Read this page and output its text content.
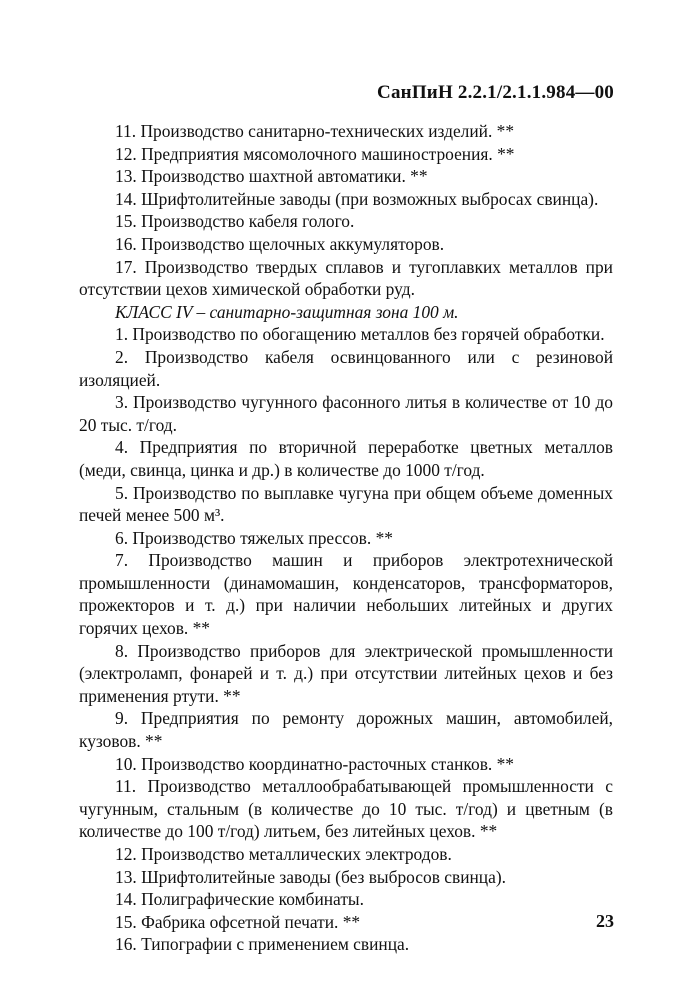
СанПиН 2.2.1/2.1.1.984—00

11. Производство санитарно-технических изделий. **

12. Предприятия мясомолочного машиностроения. **

13. Производство шахтной автоматики. **

14. Шрифтолитейные заводы (при возможных выбросах свинца).

15. Производство кабеля голого.

16. Производство щелочных аккумуляторов.

17. Производство твердых сплавов и тугоплавких металлов при отсутствии цехов химической обработки руд.

КЛАСС IV – санитарно-защитная зона 100 м.

1. Производство по обогащению металлов без горячей обработки.

2. Производство кабеля освинцованного или с резиновой изоляцией.

3. Производство чугунного фасонного литья в количестве от 10 до 20 тыс. т/год.

4. Предприятия по вторичной переработке цветных металлов (меди, свинца, цинка и др.) в количестве до 1000 т/год.

5. Производство по выплавке чугуна при общем объеме доменных печей менее 500 м³.

6. Производство тяжелых прессов. **

7. Производство машин и приборов электротехнической промышленности (динамомашин, конденсаторов, трансформаторов, прожекторов и т. д.) при наличии небольших литейных и других горячих цехов. **

8. Производство приборов для электрической промышленности (электроламп, фонарей и т. д.) при отсутствии литейных цехов и без применения ртути. **

9. Предприятия по ремонту дорожных машин, автомобилей, кузовов. **

10. Производство координатно-расточных станков. **

11. Производство металлообрабатывающей промышленности с чугунным, стальным (в количестве до 10 тыс. т/год) и цветным (в количестве до 100 т/год) литьем, без литейных цехов. **

12. Производство металлических электродов.

13. Шрифтолитейные заводы (без выбросов свинца).

14. Полиграфические комбинаты.

15. Фабрика офсетной печати. **

16. Типографии с применением свинца.

23
